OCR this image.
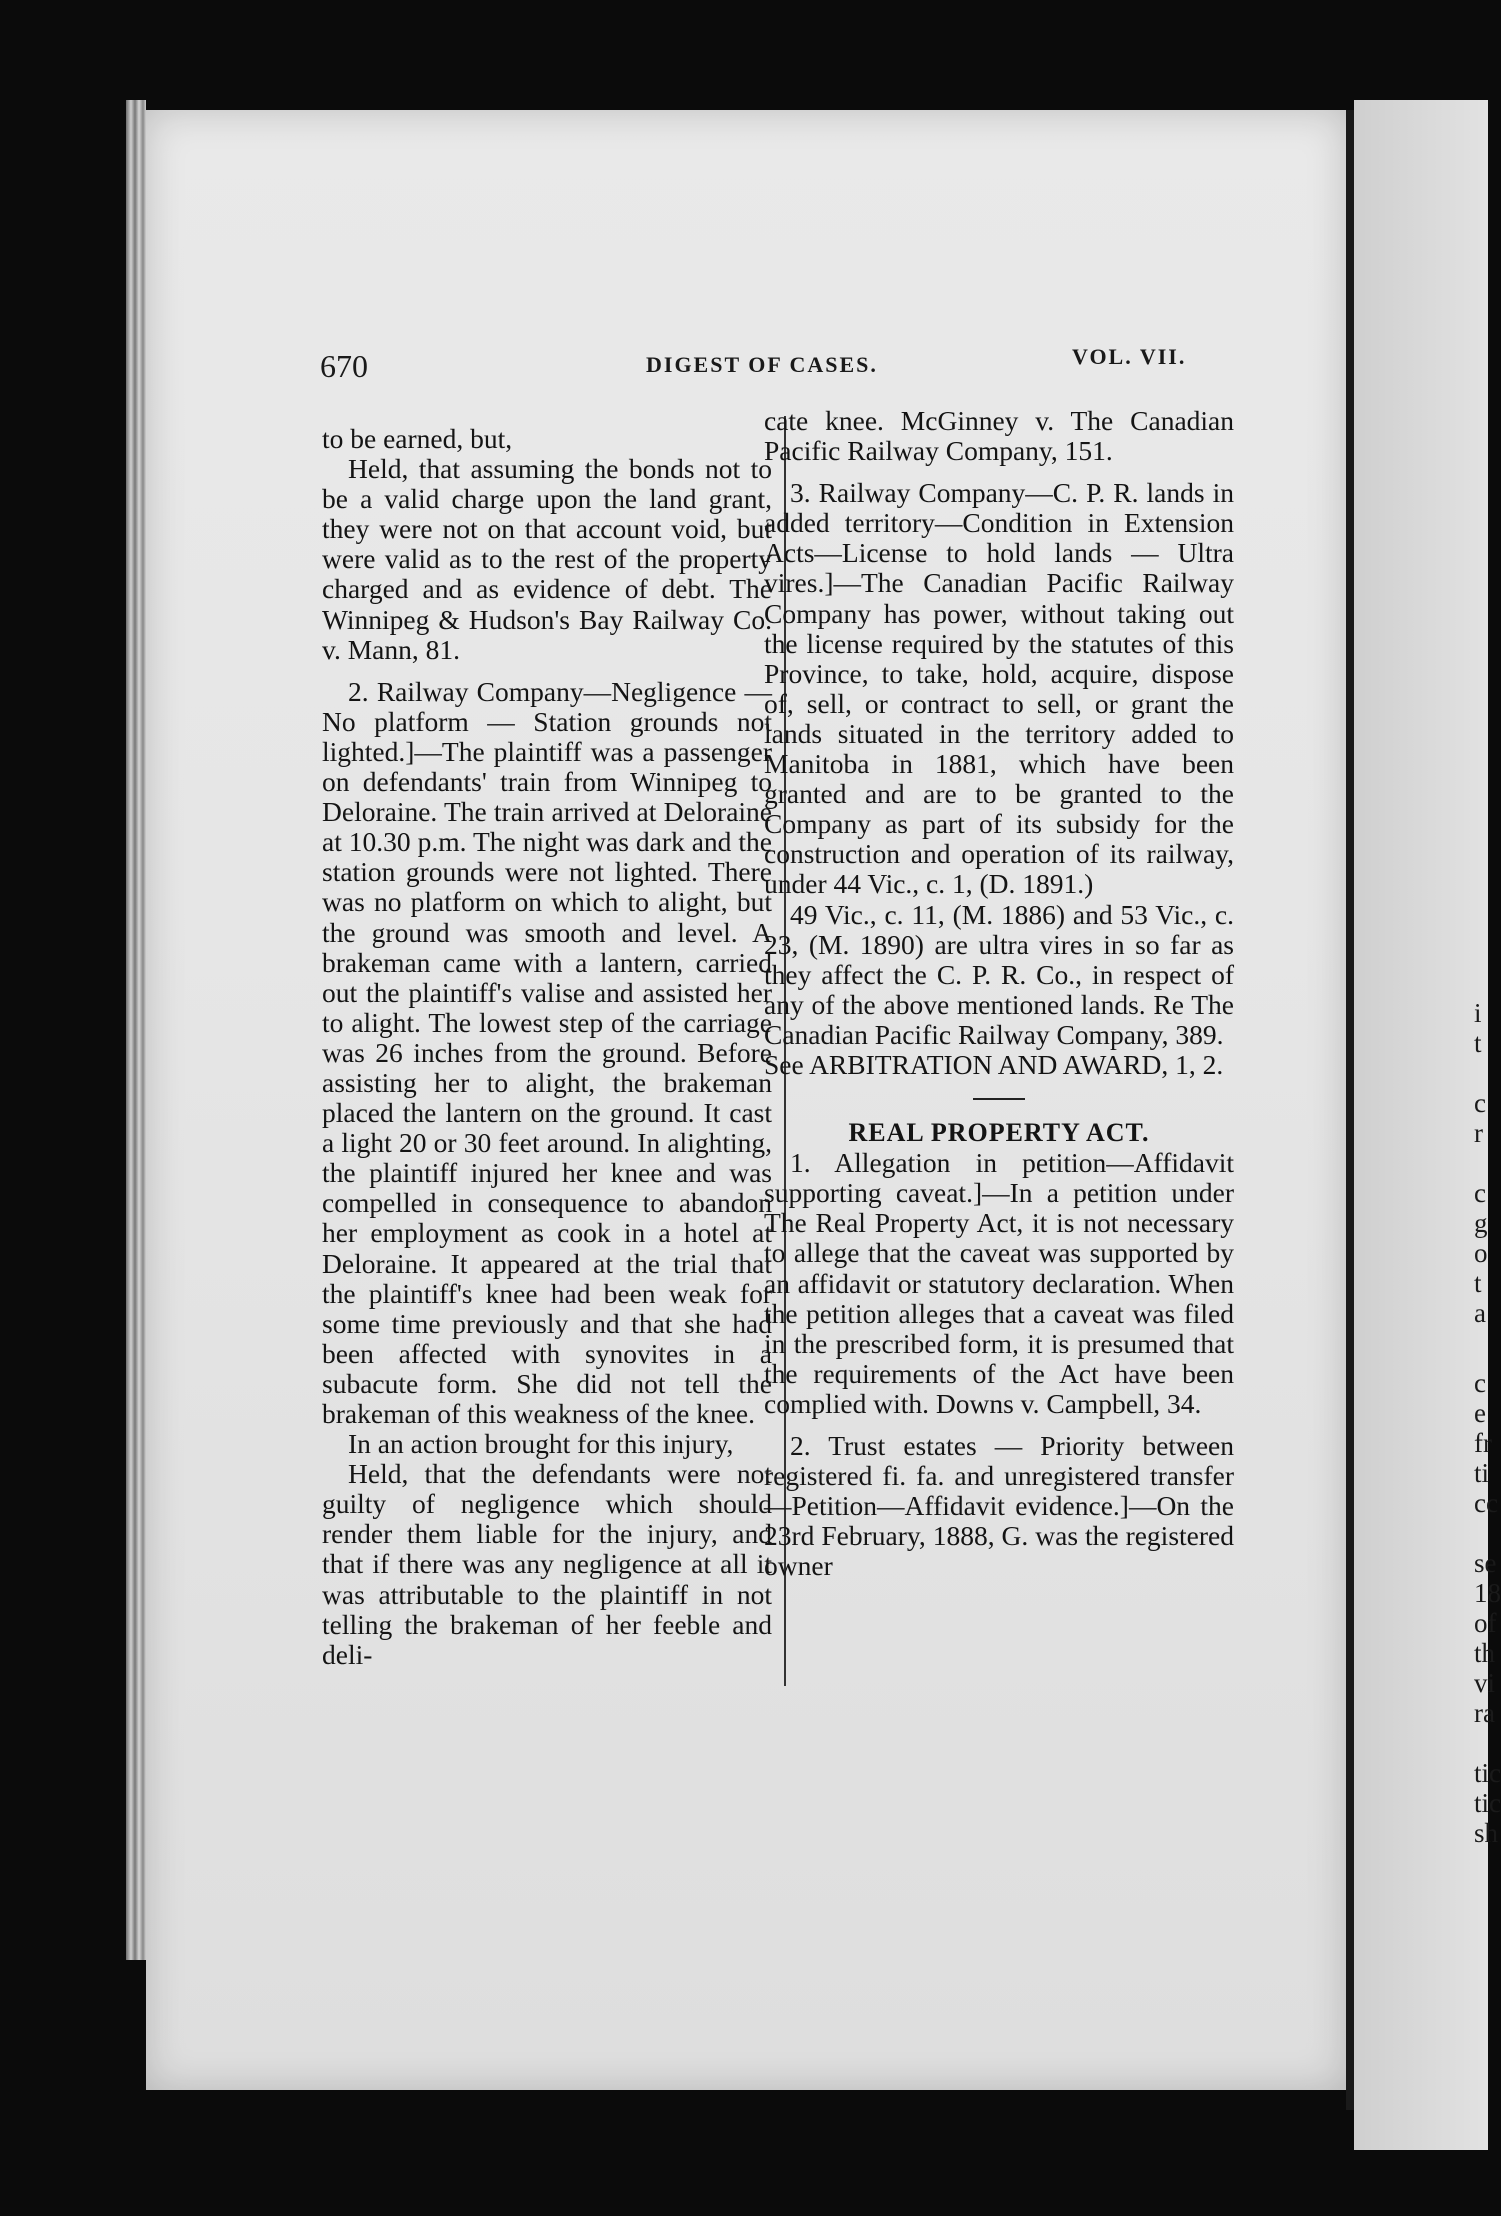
670	DIGEST OF CASES.	VOL. VII.

to be earned, but,

Held, that assuming the bonds not to be a valid charge upon the land grant, they were not on that account void, but were valid as to the rest of the property charged and as evidence of debt. The Winnipeg & Hudson's Bay Railway Co. v. Mann, 81.

2. Railway Company—Negligence — No platform — Station grounds not lighted.]—The plaintiff was a passenger on defendants' train from Winnipeg to Deloraine. The train arrived at Deloraine at 10.30 p.m. The night was dark and the station grounds were not lighted. There was no platform on which to alight, but the ground was smooth and level. A brakeman came with a lantern, carried out the plaintiff's valise and assisted her to alight. The lowest step of the carriage was 26 inches from the ground. Before assisting her to alight, the brakeman placed the lantern on the ground. It cast a light 20 or 30 feet around. In alighting, the plaintiff injured her knee and was compelled in consequence to abandon her employment as cook in a hotel at Deloraine. It appeared at the trial that the plaintiff's knee had been weak for some time previously and that she had been affected with synovites in a subacute form. She did not tell the brakeman of this weakness of the knee.

In an action brought for this injury,

Held, that the defendants were not guilty of negligence which should render them liable for the injury, and that if there was any negligence at all it was attributable to the plaintiff in not telling the brakeman of her feeble and deli-

cate knee. McGinney v. The Canadian Pacific Railway Company, 151.

3. Railway Company—C. P. R. lands in added territory—Condition in Extension Acts—License to hold lands — Ultra vires.]—The Canadian Pacific Railway Company has power, without taking out the license required by the statutes of this Province, to take, hold, acquire, dispose of, sell, or contract to sell, or grant the lands situated in the territory added to Manitoba in 1881, which have been granted and are to be granted to the Company as part of its subsidy for the construction and operation of its railway, under 44 Vic., c. 1, (D. 1891.)

49 Vic., c. 11, (M. 1886) and 53 Vic., c. 23, (M. 1890) are ultra vires in so far as they affect the C. P. R. Co., in respect of any of the above mentioned lands. Re The Canadian Pacific Railway Company, 389.

See ARBITRATION AND AWARD, 1, 2.

REAL PROPERTY ACT.

1. Allegation in petition—Affidavit supporting caveat.]—In a petition under The Real Property Act, it is not necessary to allege that the caveat was supported by an affidavit or statutory declaration. When the petition alleges that a caveat was filed in the prescribed form, it is presumed that the requirements of the Act have been complied with. Downs v. Campbell, 34.

2. Trust estates — Priority between registered fi. fa. and unregistered transfer—Petition—Affidavit evidence.]—On the 23rd February, 1888, G. was the registered owner

i
t
c
r
c
g
o
t
a
c
e
fr
ti
cc
se
18
of
th
vi
ra
tic
tic
sh
